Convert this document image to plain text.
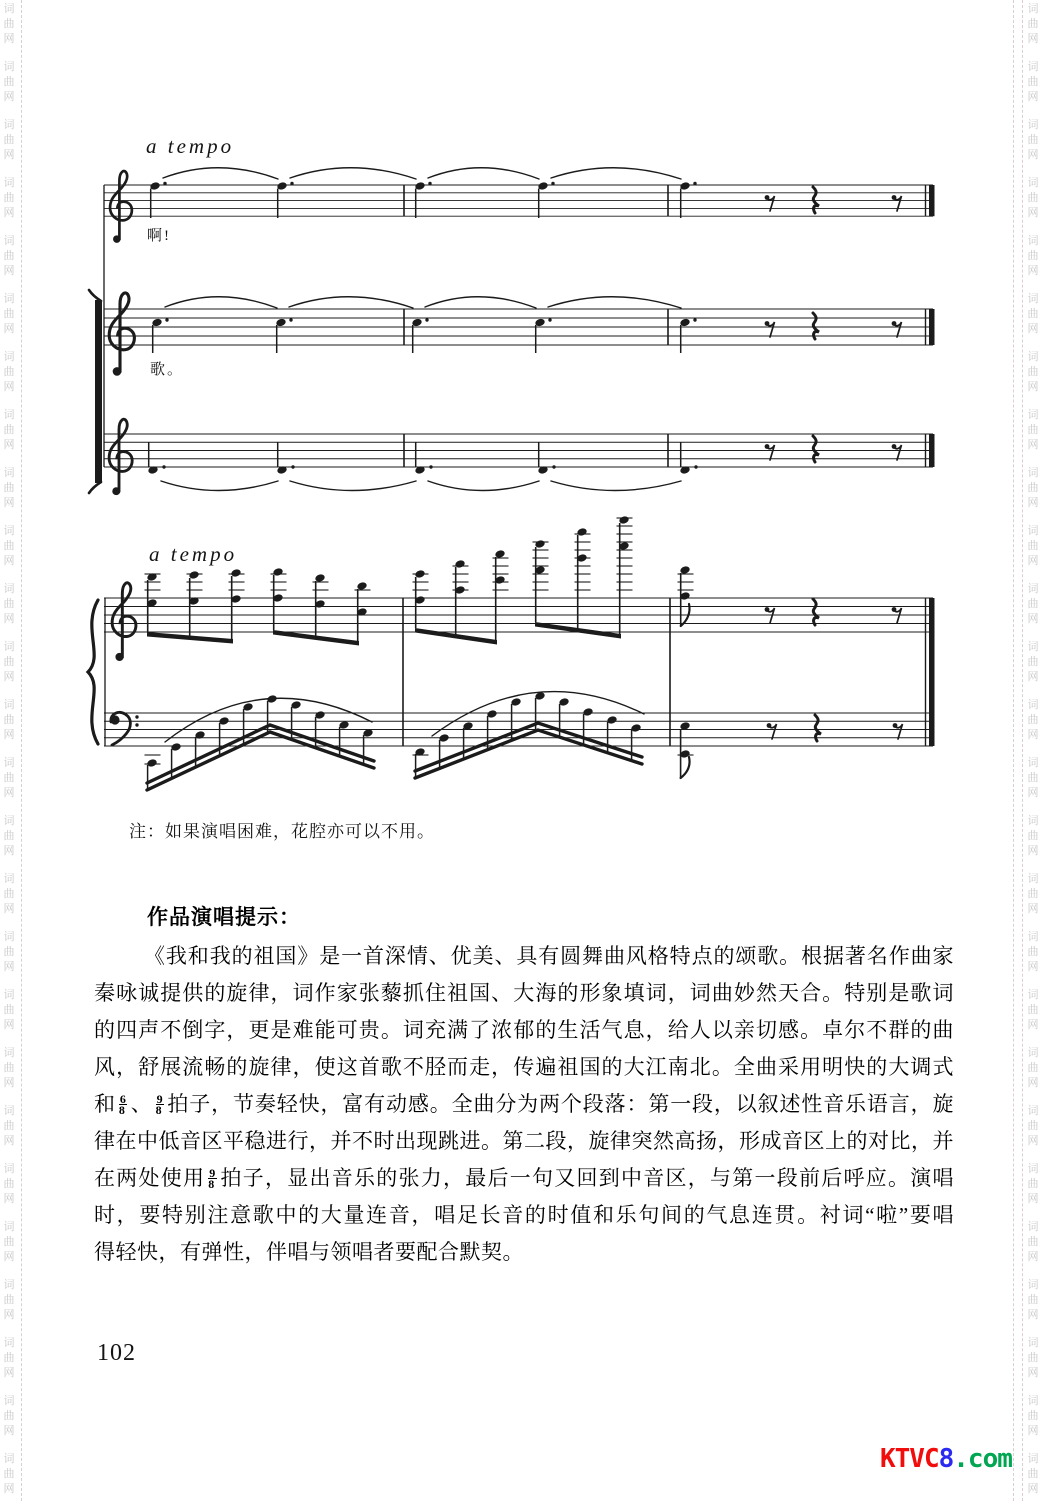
词
曲
网
词
曲
网
词
曲
网
词
曲
网
词
曲
网
词
曲
网
词
曲
网
词
曲
网
词
曲
网
词
曲
网
词
曲
网
词
曲
网
词
曲
网
词
曲
网
词
曲
网
词
曲
网
词
曲
网
词
曲
网
词
曲
网
词
曲
网
词
曲
网
词
曲
网
词
曲
网
词
曲
网
词
曲
网
词
曲
网
词
曲
网
词
曲
网
词
曲
网
词
曲
网
词
曲
网
词
曲
网
词
曲
网
词
曲
网
词
曲
网
词
曲
网
词
曲
网
词
曲
网
词
曲
网
词
曲
网
词
曲
网
词
曲
网
词
曲
网
词
曲
网
词
曲
网
词
曲
网
词
曲
网
词
曲
网
词
曲
网
词
曲
网
词
曲
网
词
曲
网
a tempo
a tempo
啊!
歌。
注：如果演唱困难，花腔亦可以不用。
作品演唱提示：
《我和我的祖国》是一首深情、优美、具有圆舞曲风格特点的颂歌。根据著名作曲家
秦咏诚提供的旋律，词作家张藜抓住祖国、大海的形象填词，词曲妙然天合。特别是歌词
的四声不倒字，更是难能可贵。词充满了浓郁的生活气息，给人以亲切感。卓尔不群的曲
风，舒展流畅的旋律，使这首歌不胫而走，传遍祖国的大江南北。全曲采用明快的大调式
和 $\frac{6}{8}$ 、 $\frac{9}{8}$ 拍子，节奏轻快，富有动感。全曲分为两个段落：第一段，以叙述性音乐语言，旋
律在中低音区平稳进行，并不时出现跳进。第二段，旋律突然高扬，形成音区上的对比，并
在两处使用 $\frac{9}{8}$ 拍子，显出音乐的张力，最后一句又回到中音区，与第一段前后呼应。演唱
时，要特别注意歌中的大量连音，唱足长音的时值和乐句间的气息连贯。衬词“啦”要唱
得轻快，有弹性，伴唱与领唱者要配合默契。
102
KTVC8.com
